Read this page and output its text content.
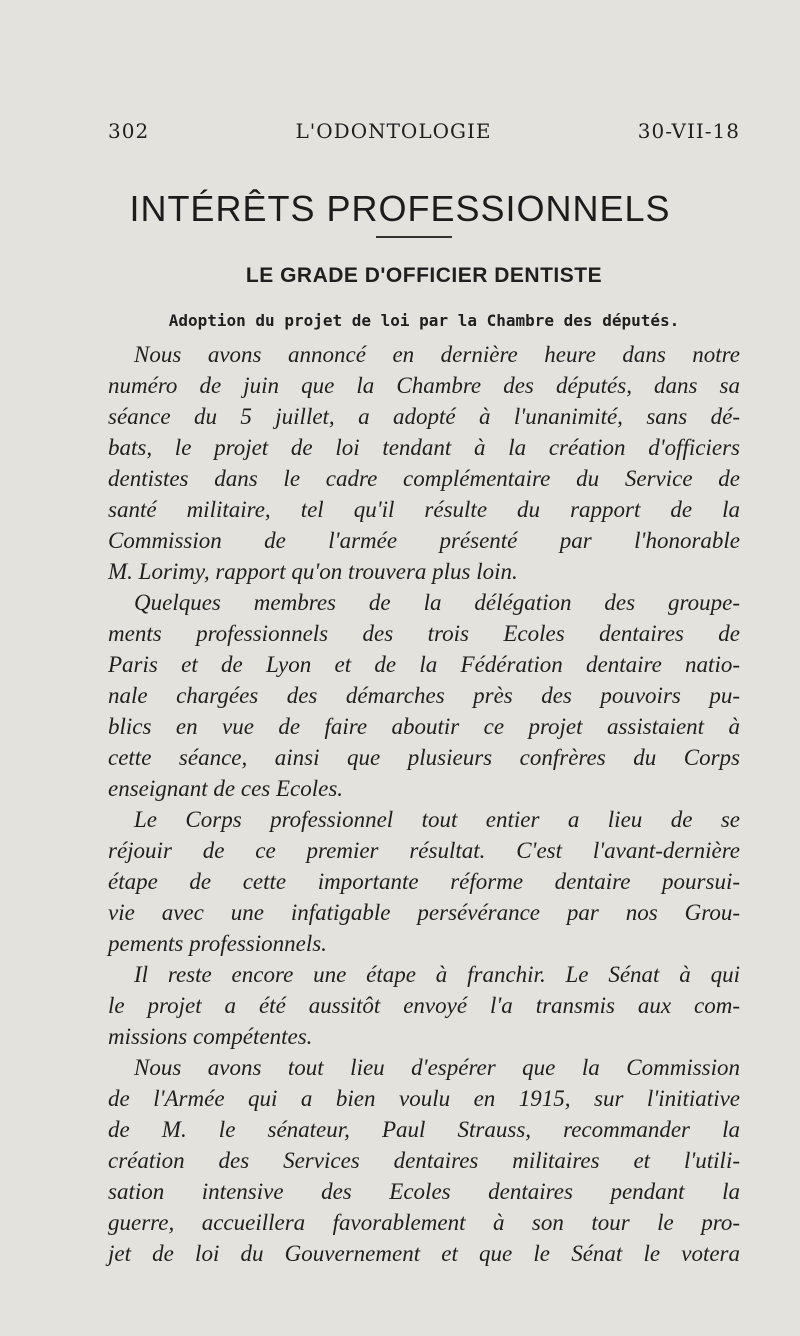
302	L'ODONTOLOGIE	30-VII-18
INTÉRÊTS PROFESSIONNELS
LE GRADE D'OFFICIER DENTISTE
Adoption du projet de loi par la Chambre des députés.
Nous avons annoncé en dernière heure dans notre
numéro de juin que la Chambre des députés, dans sa
séance du 5 juillet, a adopté à l'unanimité, sans dé-
bats, le projet de loi tendant à la création d'officiers
dentistes dans le cadre complémentaire du Service de
santé militaire, tel qu'il résulte du rapport de la
Commission de l'armée présenté par l'honorable
M. Lorimy, rapport qu'on trouvera plus loin.
Quelques membres de la délégation des groupe-
ments professionnels des trois Ecoles dentaires de
Paris et de Lyon et de la Fédération dentaire natio-
nale chargées des démarches près des pouvoirs pu-
blics en vue de faire aboutir ce projet assistaient à
cette séance, ainsi que plusieurs confrères du Corps
enseignant de ces Ecoles.
Le Corps professionnel tout entier a lieu de se
réjouir de ce premier résultat. C'est l'avant-dernière
étape de cette importante réforme dentaire poursui-
vie avec une infatigable persévérance par nos Grou-
pements professionnels.
Il reste encore une étape à franchir. Le Sénat à qui
le projet a été aussitôt envoyé l'a transmis aux com-
missions compétentes.
Nous avons tout lieu d'espérer que la Commission
de l'Armée qui a bien voulu en 1915, sur l'initiative
de M. le sénateur, Paul Strauss, recommander la
création des Services dentaires militaires et l'utili-
sation intensive des Ecoles dentaires pendant la
guerre, accueillera favorablement à son tour le pro-
jet de loi du Gouvernement et que le Sénat le votera
